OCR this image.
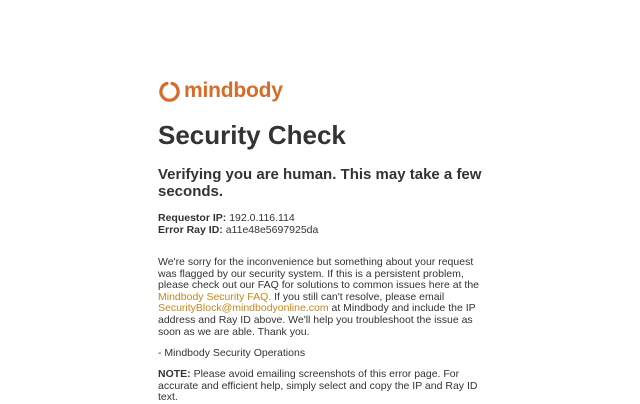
mindbody
Security Check
Verifying you are human. This may take a few seconds.
Requestor IP: 192.0.116.114
Error Ray ID: a11e48e5697925da

We're sorry for the inconvenience but something about your request was flagged by our security system. If this is a persistent problem, please check out our FAQ for solutions to common issues here at the Mindbody Security FAQ. If you still can't resolve, please email SecurityBlock@mindbodyonline.com at Mindbody and include the IP address and Ray ID above. We'll help you troubleshoot the issue as soon as we are able. Thank you.

- Mindbody Security Operations

NOTE: Please avoid emailing screenshots of this error page. For accurate and efficient help, simply select and copy the IP and Ray ID text.
